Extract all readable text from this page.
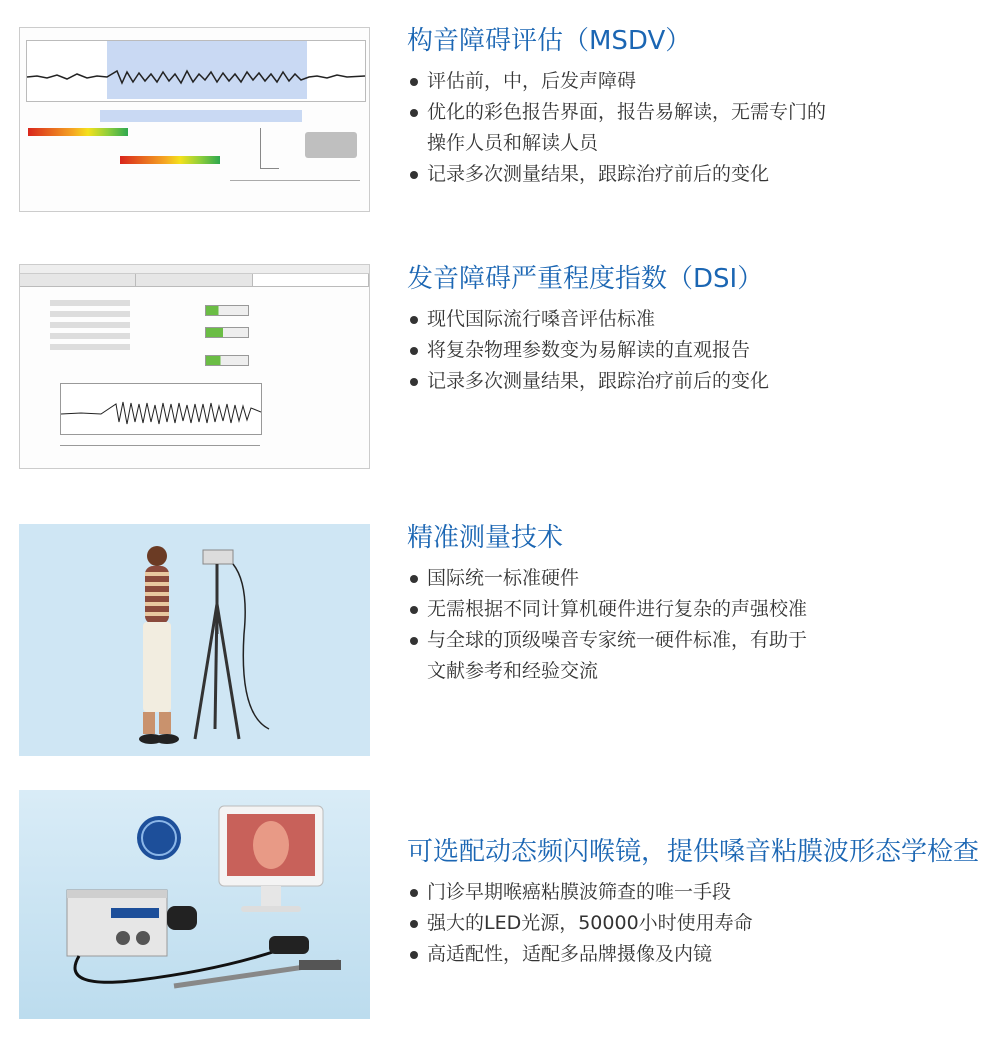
构音障碍评估（MSDV）
评估前，中，后发声障碍
优化的彩色报告界面，报告易解读，无需专门的
操作人员和解读人员
记录多次测量结果，跟踪治疗前后的变化
发音障碍严重程度指数（DSI）
现代国际流行嗓音评估标准
将复杂物理参数变为易解读的直观报告
记录多次测量结果，跟踪治疗前后的变化
精准测量技术
国际统一标准硬件
无需根据不同计算机硬件进行复杂的声强校准
与全球的顶级噪音专家统一硬件标准，有助于
文献参考和经验交流
可选配动态频闪喉镜，提供嗓音粘膜波形态学检查
门诊早期喉癌粘膜波筛查的唯一手段
强大的LED光源，50000小时使用寿命
高适配性，适配多品牌摄像及内镜
